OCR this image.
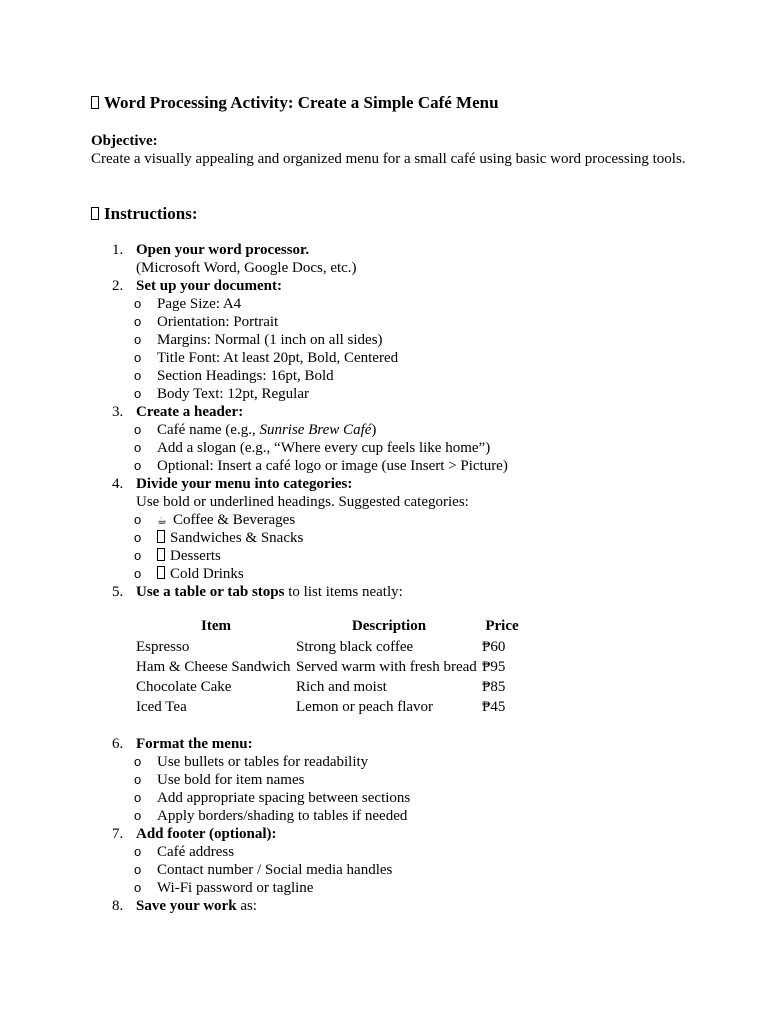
Word Processing Activity: Create a Simple Café Menu
Objective:
Create a visually appealing and organized menu for a small café using basic word processing tools.
Instructions:
1. Open your word processor.
(Microsoft Word, Google Docs, etc.)
2. Set up your document:
o Page Size: A4
o Orientation: Portrait
o Margins: Normal (1 inch on all sides)
o Title Font: At least 20pt, Bold, Centered
o Section Headings: 16pt, Bold
o Body Text: 12pt, Regular
3. Create a header:
o Café name (e.g., Sunrise Brew Café)
o Add a slogan (e.g., “Where every cup feels like home”)
o Optional: Insert a café logo or image (use Insert > Picture)
4. Divide your menu into categories:
Use bold or underlined headings. Suggested categories:
o ☕ Coffee & Beverages
o Sandwiches & Snacks
o Desserts
o Cold Drinks
5. Use a table or tab stops to list items neatly:
Item	Description	Price
Espresso	Strong black coffee	₱60
Ham & Cheese Sandwich	Served warm with fresh bread	₱95
Chocolate Cake	Rich and moist	₱85
Iced Tea	Lemon or peach flavor	₱45
6. Format the menu:
o Use bullets or tables for readability
o Use bold for item names
o Add appropriate spacing between sections
o Apply borders/shading to tables if needed
7. Add footer (optional):
o Café address
o Contact number / Social media handles
o Wi-Fi password or tagline
8. Save your work as:
